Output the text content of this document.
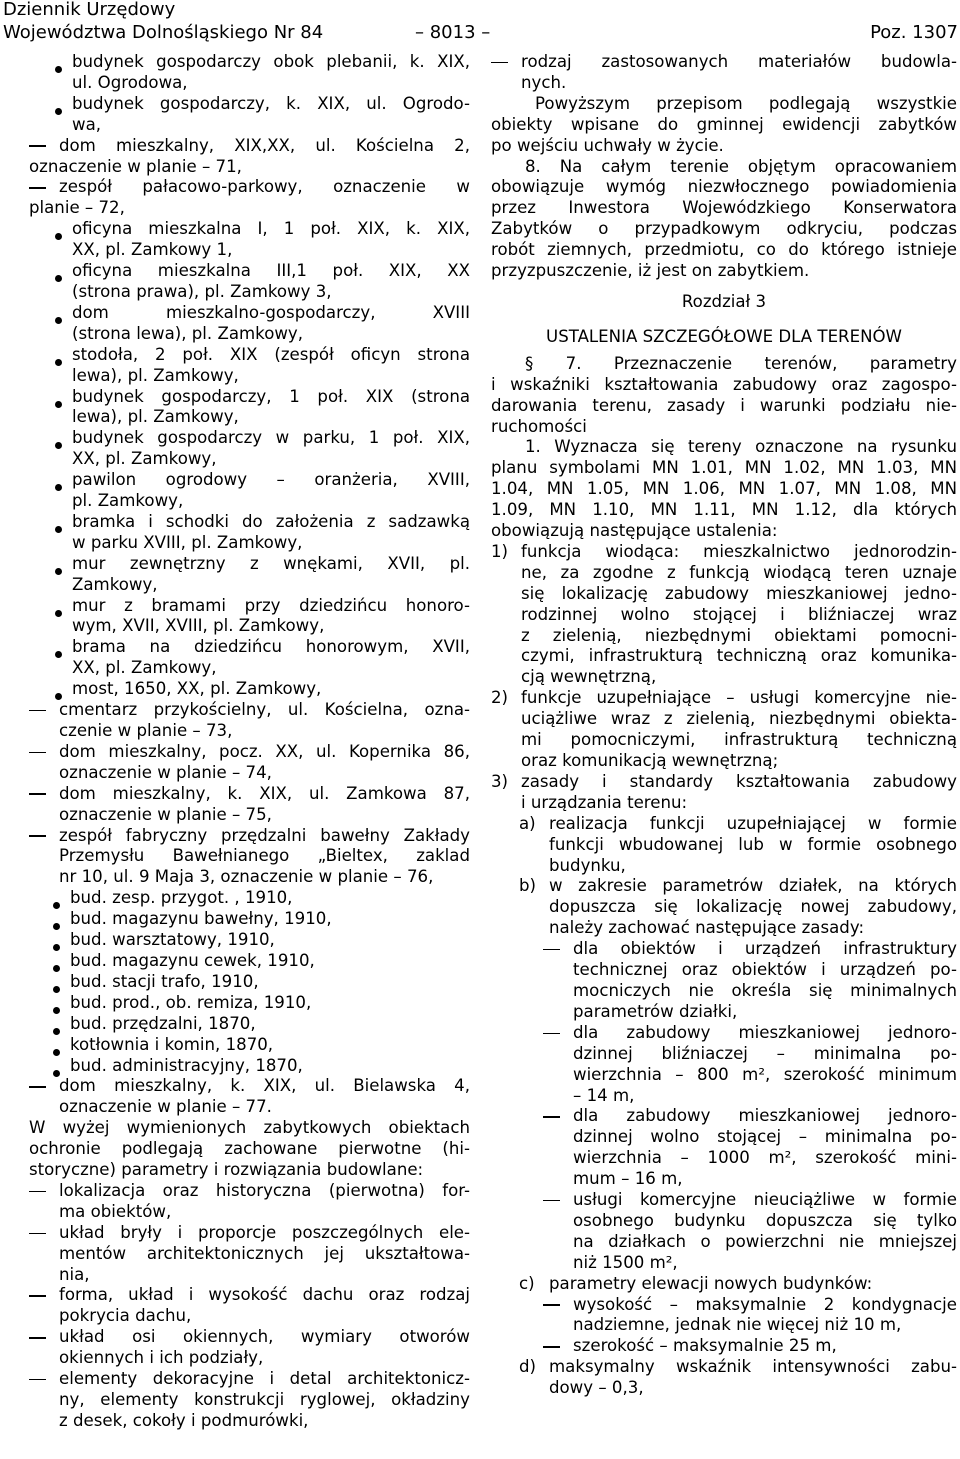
Dziennik Urzędowy
Województwa Dolnośląskiego Nr 84	Poz. 1307
– 8013 –
budynek gospodarczy obok plebanii, k. XIX,
ul. Ogrodowa,
budynek gospodarczy, k. XIX, ul. Ogrodo-
wa,
dom mieszkalny, XIX,XX, ul. Kościelna 2,
oznaczenie w planie – 71,
zespół pałacowo-parkowy, oznaczenie w
planie – 72,
oficyna mieszkalna I, 1 poł. XIX, k. XIX,
XX, pl. Zamkowy 1,
oficyna mieszkalna III,1 poł. XIX, XX
(strona prawa), pl. Zamkowy 3,
dom mieszkalno-gospodarczy, XVIII
(strona lewa), pl. Zamkowy,
stodoła, 2 poł. XIX (zespół oficyn strona
lewa), pl. Zamkowy,
budynek gospodarczy, 1 poł. XIX (strona
lewa), pl. Zamkowy,
budynek gospodarczy w parku, 1 poł. XIX,
XX, pl. Zamkowy,
pawilon ogrodowy – oranżeria, XVIII,
pl. Zamkowy,
bramka i schodki do założenia z sadzawką
w parku XVIII, pl. Zamkowy,
mur zewnętrzny z wnękami, XVII, pl.
Zamkowy,
mur z bramami przy dziedzińcu honoro-
wym, XVII, XVIII, pl. Zamkowy,
brama na dziedzińcu honorowym, XVII,
XX, pl. Zamkowy,
most, 1650, XX, pl. Zamkowy,
cmentarz przykościelny, ul. Kościelna, ozna-
czenie w planie – 73,
dom mieszkalny, pocz. XX, ul. Kopernika 86,
oznaczenie w planie – 74,
dom mieszkalny, k. XIX, ul. Zamkowa 87,
oznaczenie w planie – 75,
zespół fabryczny przędzalni bawełny Zakłady
Przemysłu Bawełnianego „Bieltex, zaklad
nr 10, ul. 9 Maja 3, oznaczenie w planie – 76,
bud. zesp. przygot. , 1910,
bud. magazynu bawełny, 1910,
bud. warsztatowy, 1910,
bud. magazynu cewek, 1910,
bud. stacji trafo, 1910,
bud. prod., ob. remiza, 1910,
bud. przędzalni, 1870,
kotłownia i komin, 1870,
bud. administracyjny, 1870,
dom mieszkalny, k. XIX, ul. Bielawska 4,
oznaczenie w planie – 77.
W wyżej wymienionych zabytkowych obiektach
ochronie podlegają zachowane pierwotne (hi-
storyczne) parametry i rozwiązania budowlane:
lokalizacja oraz historyczna (pierwotna) for-
ma obiektów,
układ bryły i proporcje poszczególnych ele-
mentów architektonicznych jej ukształtowa-
nia,
forma, układ i wysokość dachu oraz rodzaj
pokrycia dachu,
układ osi okiennych, wymiary otworów
okiennych i ich podziały,
elementy dekoracyjne i detal architektonicz-
ny, elementy konstrukcji ryglowej, okładziny
z desek, cokoły i podmurówki,
rodzaj zastosowanych materiałów budowla-
nych.
Powyższym przepisom podlegają wszystkie
obiekty wpisane do gminnej ewidencji zabytków
po wejściu uchwały w życie.
8. Na całym terenie objętym opracowaniem
obowiązuje wymóg niezwłocznego powiadomienia
przez Inwestora Wojewódzkiego Konserwatora
Zabytków o przypadkowym odkryciu, podczas
robót ziemnych, przedmiotu, co do którego istnieje
przyzpuszczenie, iż jest on zabytkiem.
Rozdział 3
USTALENIA SZCZEGÓŁOWE DLA TERENÓW
§ 7. Przeznaczenie terenów, parametry
i wskaźniki kształtowania zabudowy oraz zagospo-
darowania terenu, zasady i warunki podziału nie-
ruchomości
1. Wyznacza się tereny oznaczone na rysunku
planu symbolami MN 1.01, MN 1.02, MN 1.03, MN
1.04, MN 1.05, MN 1.06, MN 1.07, MN 1.08, MN
1.09, MN 1.10, MN 1.11, MN 1.12, dla których
obowiązują następujące ustalenia:
1) funkcja wiodąca: mieszkalnictwo jednorodzin-
ne, za zgodne z funkcją wiodącą teren uznaje
się lokalizację zabudowy mieszkaniowej jedno-
rodzinnej wolno stojącej i bliźniaczej wraz
z zielenią, niezbędnymi obiektami pomocni-
czymi, infrastrukturą techniczną oraz komunika-
cją wewnętrzną,
2) funkcje uzupełniające – usługi komercyjne nie-
uciążliwe wraz z zielenią, niezbędnymi obiekta-
mi pomocniczymi, infrastrukturą techniczną
oraz komunikacją wewnętrzną;
3) zasady i standardy kształtowania zabudowy
i urządzania terenu:
a) realizacja funkcji uzupełniającej w formie
funkcji wbudowanej lub w formie osobnego
budynku,
b) w zakresie parametrów działek, na których
dopuszcza się lokalizację nowej zabudowy,
należy zachować następujące zasady:
dla obiektów i urządzeń infrastruktury
technicznej oraz obiektów i urządzeń po-
mocniczych nie określa się minimalnych
parametrów działki,
dla zabudowy mieszkaniowej jednoro-
dzinnej bliźniaczej – minimalna po-
wierzchnia – 800 m², szerokość minimum
– 14 m,
dla zabudowy mieszkaniowej jednoro-
dzinnej wolno stojącej – minimalna po-
wierzchnia – 1000 m², szerokość mini-
mum – 16 m,
usługi komercyjne nieuciążliwe w formie
osobnego budynku dopuszcza się tylko
na działkach o powierzchni nie mniejszej
niż 1500 m²,
c) parametry elewacji nowych budynków:
wysokość – maksymalnie 2 kondygnacje
nadziemne, jednak nie więcej niż 10 m,
szerokość – maksymalnie 25 m,
d) maksymalny wskaźnik intensywności zabu-
dowy – 0,3,
